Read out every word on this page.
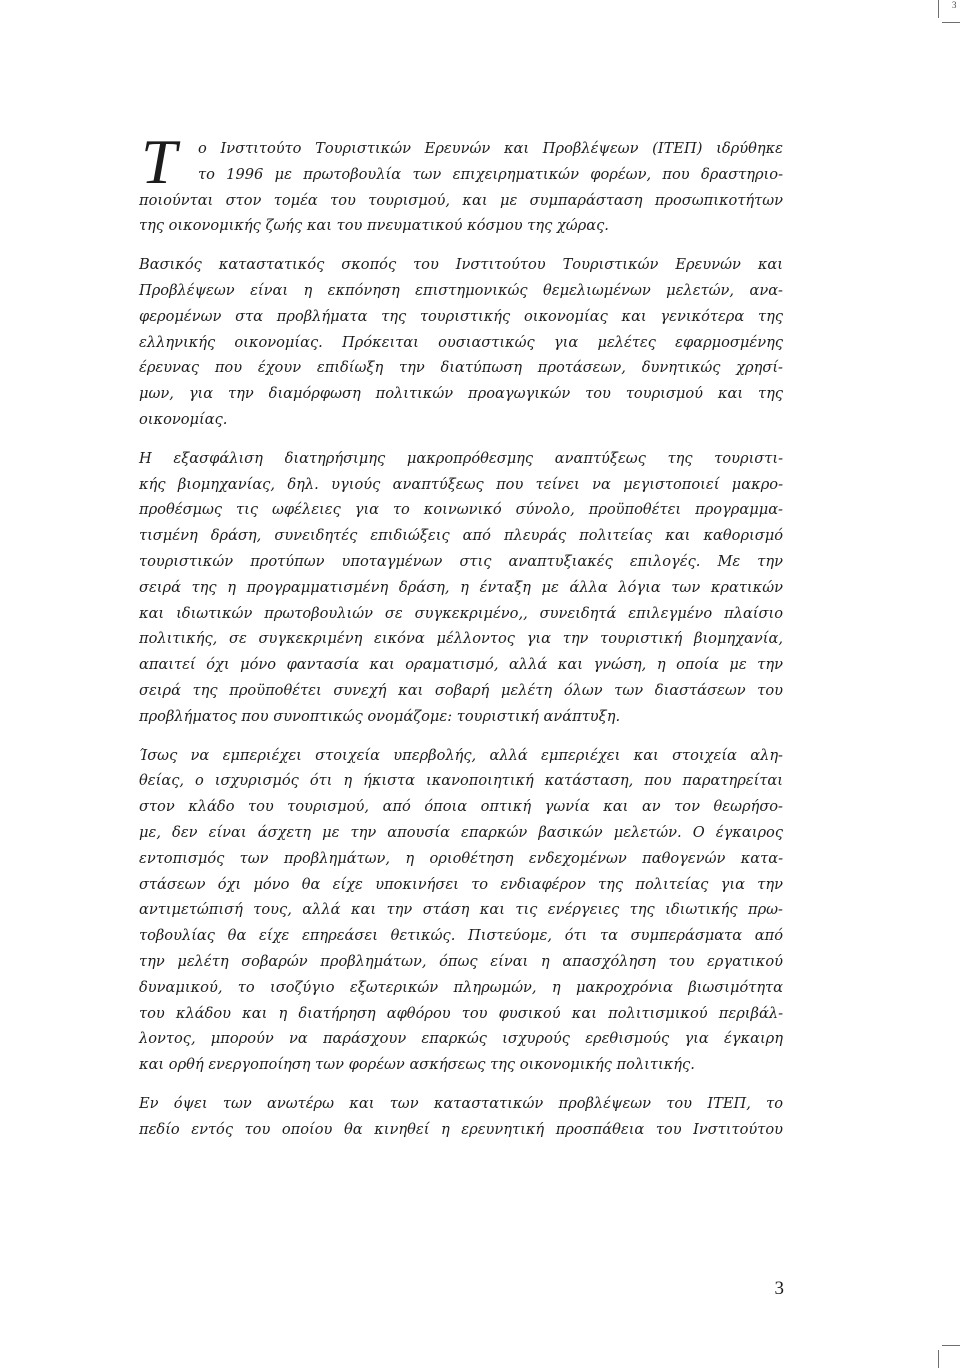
3
Τ	ο Ινστιτούτο Τουριστικών Ερευνών και Προβλέψεων (ΙΤΕΠ) ιδρύθηκε
το 1996 με πρωτοβουλία των επιχειρηματικών φορέων, που δραστηριο-
ποιούνται στον τομέα του τουρισμού, και με συμπαράσταση προσωπικοτήτων
της οικονομικής ζωής και του πνευματικού κόσμου της χώρας.
Βασικός καταστατικός σκοπός του Ινστιτούτου Τουριστικών Ερευνών και
Προβλέψεων είναι η εκπόνηση επιστημονικώς θεμελιωμένων μελετών, ανα-
φερομένων στα προβλήματα της τουριστικής οικονομίας και γενικότερα της
ελληνικής οικονομίας. Πρόκειται ουσιαστικώς για μελέτες εφαρμοσμένης
έρευνας που έχουν επιδίωξη την διατύπωση προτάσεων, δυνητικώς χρησί-
μων, για την διαμόρφωση πολιτικών προαγωγικών του τουρισμού και της
οικονομίας.
Η εξασφάλιση διατηρήσιμης μακροπρόθεσμης αναπτύξεως της τουριστι-
κής βιομηχανίας, δηλ. υγιούς αναπτύξεως που τείνει να μεγιστοποιεί μακρο-
προθέσμως τις ωφέλειες για το κοινωνικό σύνολο, προϋποθέτει προγραμμα-
τισμένη δράση, συνειδητές επιδιώξεις από πλευράς πολιτείας και καθορισμό
τουριστικών προτύπων υποταγμένων στις αναπτυξιακές επιλογές. Με την
σειρά της η προγραμματισμένη δράση, η ένταξη με άλλα λόγια των κρατικών
και ιδιωτικών πρωτοβουλιών σε συγκεκριμένο,, συνειδητά επιλεγμένο πλαίσιο
πολιτικής, σε συγκεκριμένη εικόνα μέλλοντος για την τουριστική βιομηχανία,
απαιτεί όχι μόνο φαντασία και οραματισμό, αλλά και γνώση, η οποία με την
σειρά της προϋποθέτει συνεχή και σοβαρή μελέτη όλων των διαστάσεων του
προβλήματος που συνοπτικώς ονομάζομε: τουριστική ανάπτυξη.
Ίσως να εμπεριέχει στοιχεία υπερβολής, αλλά εμπεριέχει και στοιχεία αλη-
θείας, ο ισχυρισμός ότι η ήκιστα ικανοποιητική κατάσταση, που παρατηρείται
στον κλάδο του τουρισμού, από όποια οπτική γωνία και αν τον θεωρήσο-
με, δεν είναι άσχετη με την απουσία επαρκών βασικών μελετών. Ο έγκαιρος
εντοπισμός των προβλημάτων, η οριοθέτηση ενδεχομένων παθογενών κατα-
στάσεων όχι μόνο θα είχε υποκινήσει το ενδιαφέρον της πολιτείας για την
αντιμετώπισή τους, αλλά και την στάση και τις ενέργειες της ιδιωτικής πρω-
τοβουλίας θα είχε επηρεάσει θετικώς. Πιστεύομε, ότι τα συμπεράσματα από
την μελέτη σοβαρών προβλημάτων, όπως είναι η απασχόληση του εργατικού
δυναμικού, το ισοζύγιο εξωτερικών πληρωμών, η μακροχρόνια βιωσιμότητα
του κλάδου και η διατήρηση αφθόρου του φυσικού και πολιτισμικού περιβάλ-
λοντος, μπορούν να παράσχουν επαρκώς ισχυρούς ερεθισμούς για έγκαιρη
και ορθή ενεργοποίηση των φορέων ασκήσεως της οικονομικής πολιτικής.
Εν όψει των ανωτέρω και των καταστατικών προβλέψεων του ΙΤΕΠ, το
πεδίο εντός του οποίου θα κινηθεί η ερευνητική προσπάθεια του Ινστιτούτου
3
